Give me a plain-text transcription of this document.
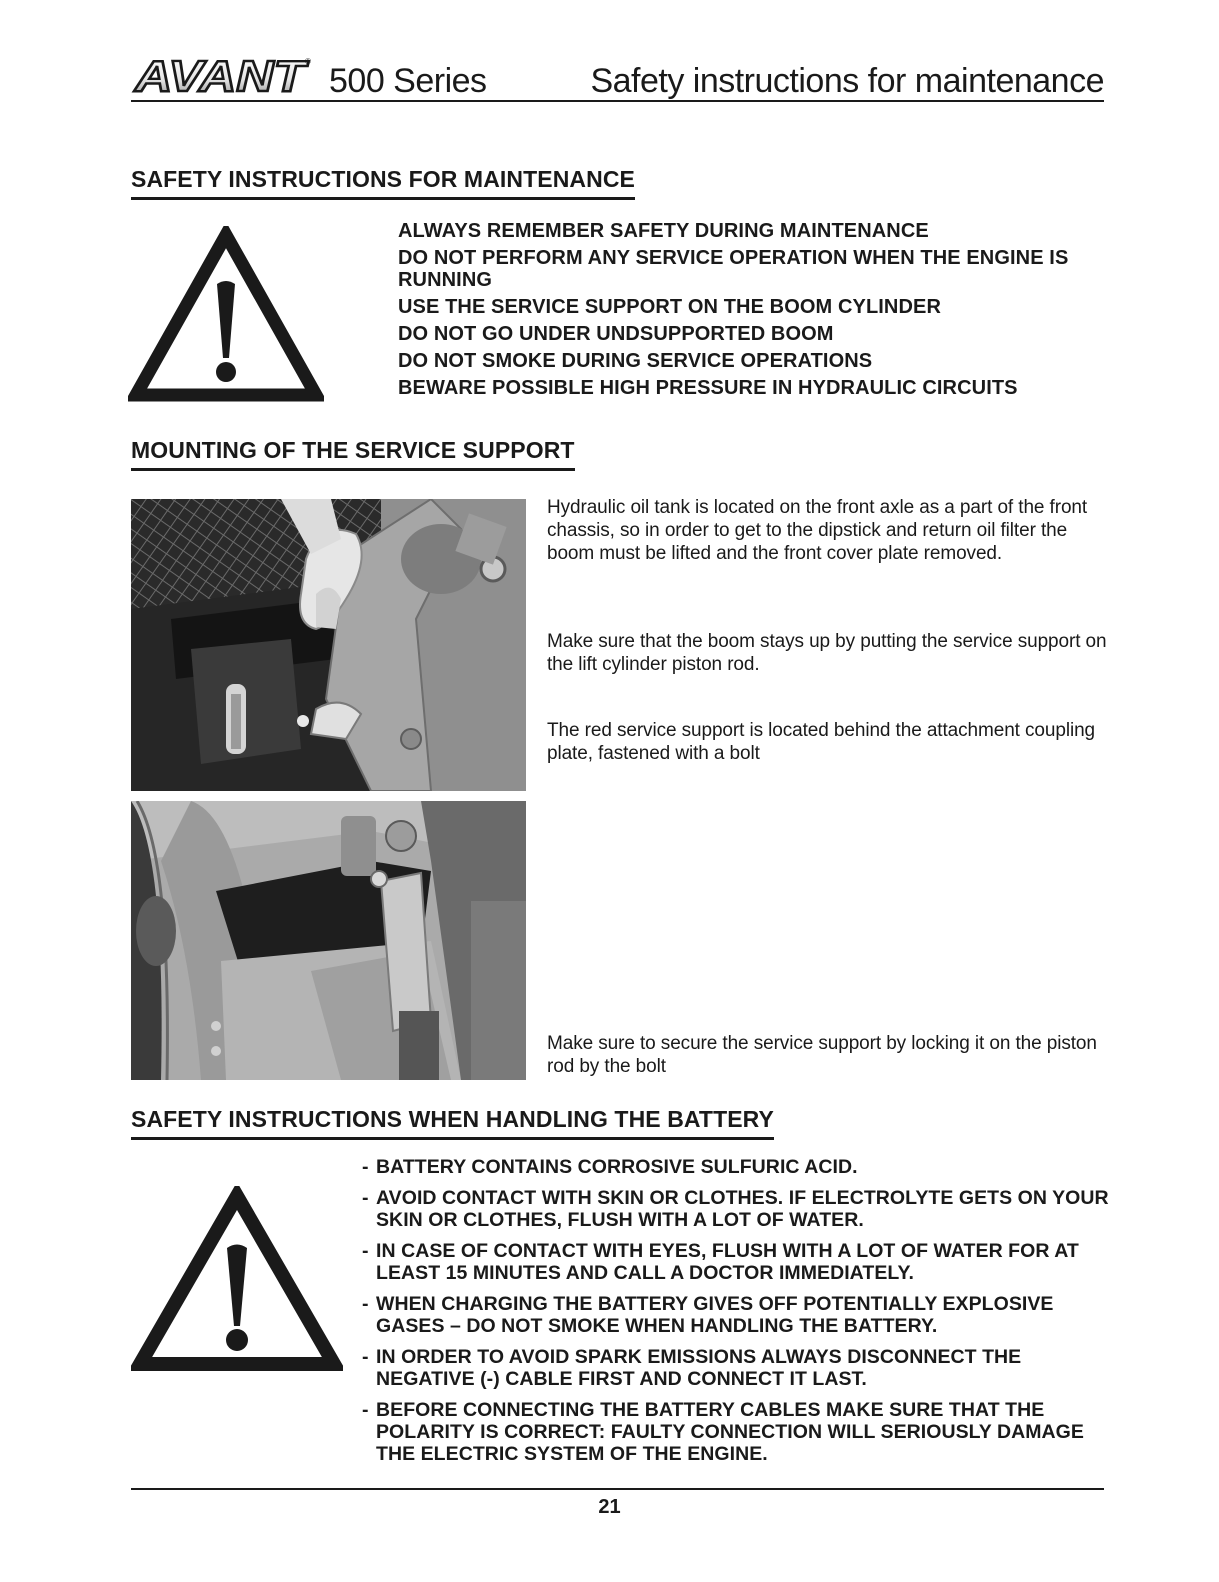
AVANT
®
500 Series	Safety instructions for maintenance
SAFETY INSTRUCTIONS FOR MAINTENANCE
ALWAYS REMEMBER SAFETY DURING MAINTENANCE
DO NOT PERFORM ANY SERVICE OPERATION WHEN THE ENGINE IS RUNNING
USE THE SERVICE SUPPORT ON THE BOOM CYLINDER
DO NOT GO UNDER UNDSUPPORTED BOOM
DO NOT SMOKE DURING SERVICE OPERATIONS
BEWARE POSSIBLE HIGH PRESSURE IN HYDRAULIC CIRCUITS
MOUNTING OF THE SERVICE SUPPORT

Hydraulic oil tank is located on the front axle as a part of the front chassis, so in order to get to the dipstick and return oil filter the boom must be lifted and the front cover plate removed.

Make sure that the boom stays up by putting the service support on the lift cylinder piston rod.

The red service support is located behind the attachment coupling plate, fastened with a bolt

Make sure to secure the service support by locking it on the piston rod by the bolt

SAFETY INSTRUCTIONS WHEN HANDLING THE BATTERY
- BATTERY CONTAINS CORROSIVE SULFURIC ACID.
- AVOID CONTACT WITH SKIN OR CLOTHES. IF ELECTROLYTE GETS ON YOUR SKIN OR CLOTHES, FLUSH WITH A LOT OF WATER.
- IN CASE OF CONTACT WITH EYES, FLUSH WITH A LOT OF WATER FOR AT LEAST 15 MINUTES AND CALL A DOCTOR IMMEDIATELY.
- WHEN CHARGING THE BATTERY GIVES OFF POTENTIALLY EXPLOSIVE GASES – DO NOT SMOKE WHEN HANDLING THE BATTERY.
- IN ORDER TO AVOID SPARK EMISSIONS ALWAYS DISCONNECT THE NEGATIVE (-) CABLE FIRST AND CONNECT IT LAST.
- BEFORE CONNECTING THE BATTERY CABLES MAKE SURE THAT THE POLARITY IS CORRECT: FAULTY CONNECTION WILL SERIOUSLY DAMAGE THE ELECTRIC SYSTEM OF THE ENGINE.
21
